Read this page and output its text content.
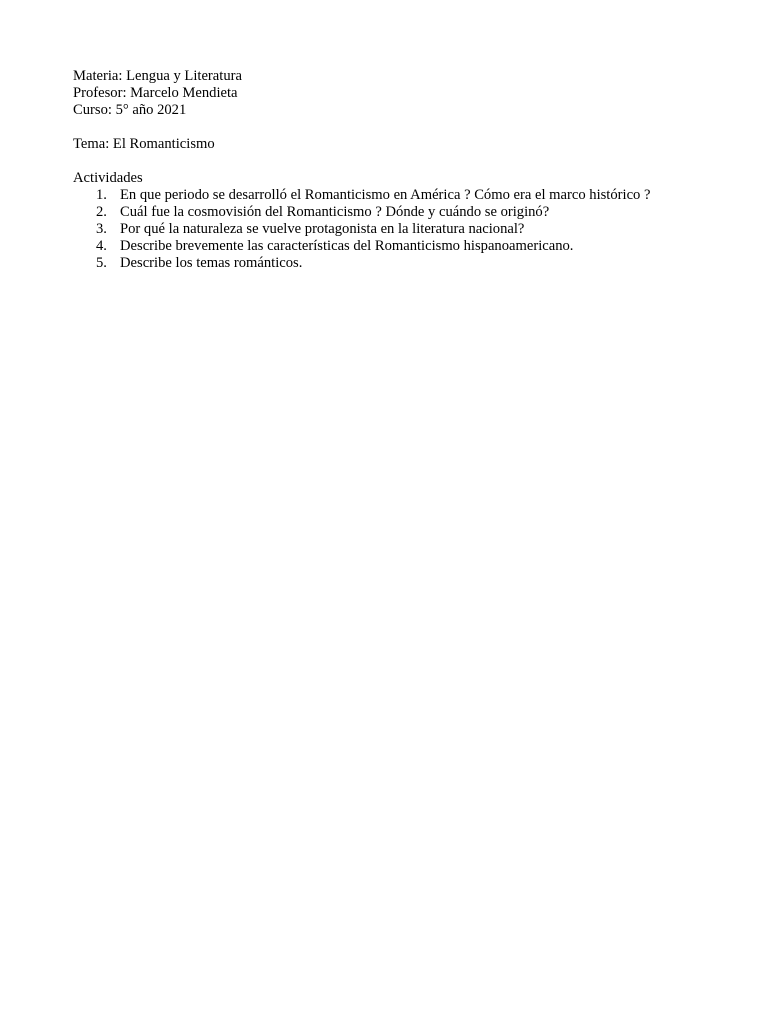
Materia: Lengua y Literatura
Profesor: Marcelo Mendieta
Curso: 5° año 2021
Tema: El Romanticismo
Actividades
1. En que periodo se desarrolló el Romanticismo en América ? Cómo era el marco histórico ?
2. Cuál fue la cosmovisión del Romanticismo ? Dónde y cuándo se originó?
3. Por qué la naturaleza se vuelve protagonista en la literatura nacional?
4. Describe brevemente las características del Romanticismo hispanoamericano.
5. Describe los temas románticos.
